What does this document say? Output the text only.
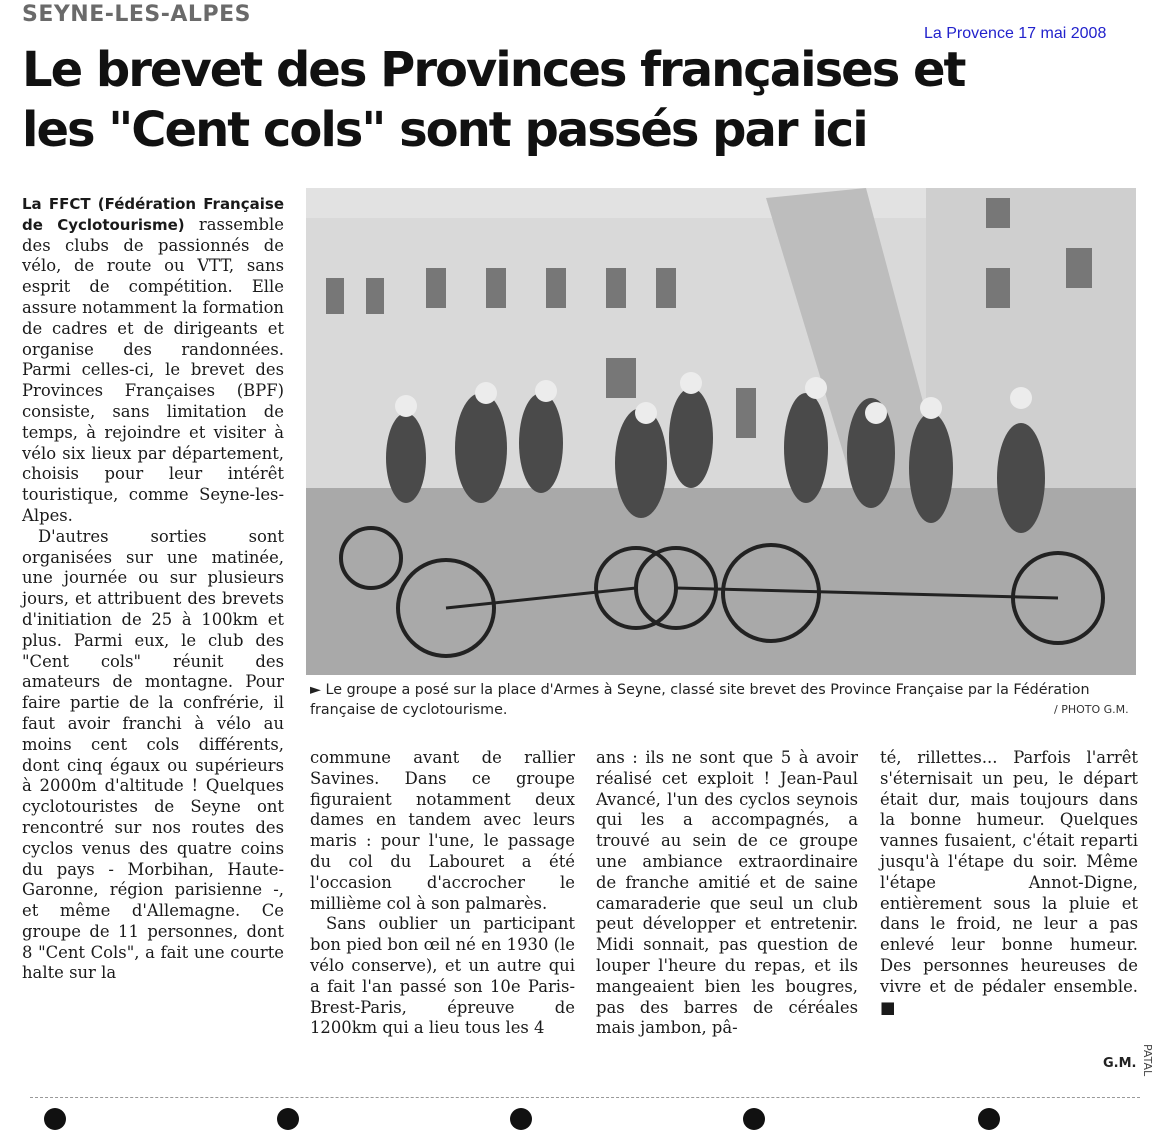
SEYNE-LES-ALPES
La Provence 17 mai 2008
Le brevet des Provinces françaises et les "Cent cols" sont passés par ici

La FFCT (Fédération Française de Cyclotourisme) rassemble des clubs de passionnés de vélo, de route ou VTT, sans esprit de compétition. Elle assure notamment la formation de cadres et de dirigeants et organise des randonnées. Parmi celles-ci, le brevet des Provinces Françaises (BPF) consiste, sans limitation de temps, à rejoindre et visiter à vélo six lieux par département, choisis pour leur intérêt touristique, comme Seyne-les-Alpes.

D'autres sorties sont organisées sur une matinée, une journée ou sur plusieurs jours, et attribuent des brevets d'initiation de 25 à 100km et plus. Parmi eux, le club des "Cent cols" réunit des amateurs de montagne. Pour faire partie de la confrérie, il faut avoir franchi à vélo au moins cent cols différents, dont cinq égaux ou supérieurs à 2000m d'altitude ! Quelques cyclotouristes de Seyne ont rencontré sur nos routes des cyclos venus des quatre coins du pays - Morbihan, Haute-Garonne, région parisienne -, et même d'Allemagne. Ce groupe de 11 personnes, dont 8 "Cent Cols", a fait une courte halte sur la

► Le groupe a posé sur la place d'Armes à Seyne, classé site brevet des Province Française par la Fédération française de cyclotourisme.	/ PHOTO G.M.

commune avant de rallier Savines. Dans ce groupe figuraient notamment deux dames en tandem avec leurs maris : pour l'une, le passage du col du Labouret a été l'occasion d'accrocher le millième col à son palmarès.

Sans oublier un participant bon pied bon œil né en 1930 (le vélo conserve), et un autre qui a fait l'an passé son 10e Paris-Brest-Paris, épreuve de 1200km qui a lieu tous les 4

ans : ils ne sont que 5 à avoir réalisé cet exploit ! Jean-Paul Avancé, l'un des cyclos seynois qui les a accompagnés, a trouvé au sein de ce groupe une ambiance extraordinaire de franche amitié et de saine camaraderie que seul un club peut développer et entretenir. Midi sonnait, pas question de louper l'heure du repas, et ils mangeaient bien les bougres, pas des barres de céréales mais jambon, pâ-

té, rillettes... Parfois l'arrêt s'éternisait un peu, le départ était dur, mais toujours dans la bonne humeur. Quelques vannes fusaient, c'était reparti jusqu'à l'étape du soir. Même l'étape Annot-Digne, entièrement sous la pluie et dans le froid, ne leur a pas enlevé leur bonne humeur. Des personnes heureuses de vivre et de pédaler ensemble. ■

G.M. PATAL
